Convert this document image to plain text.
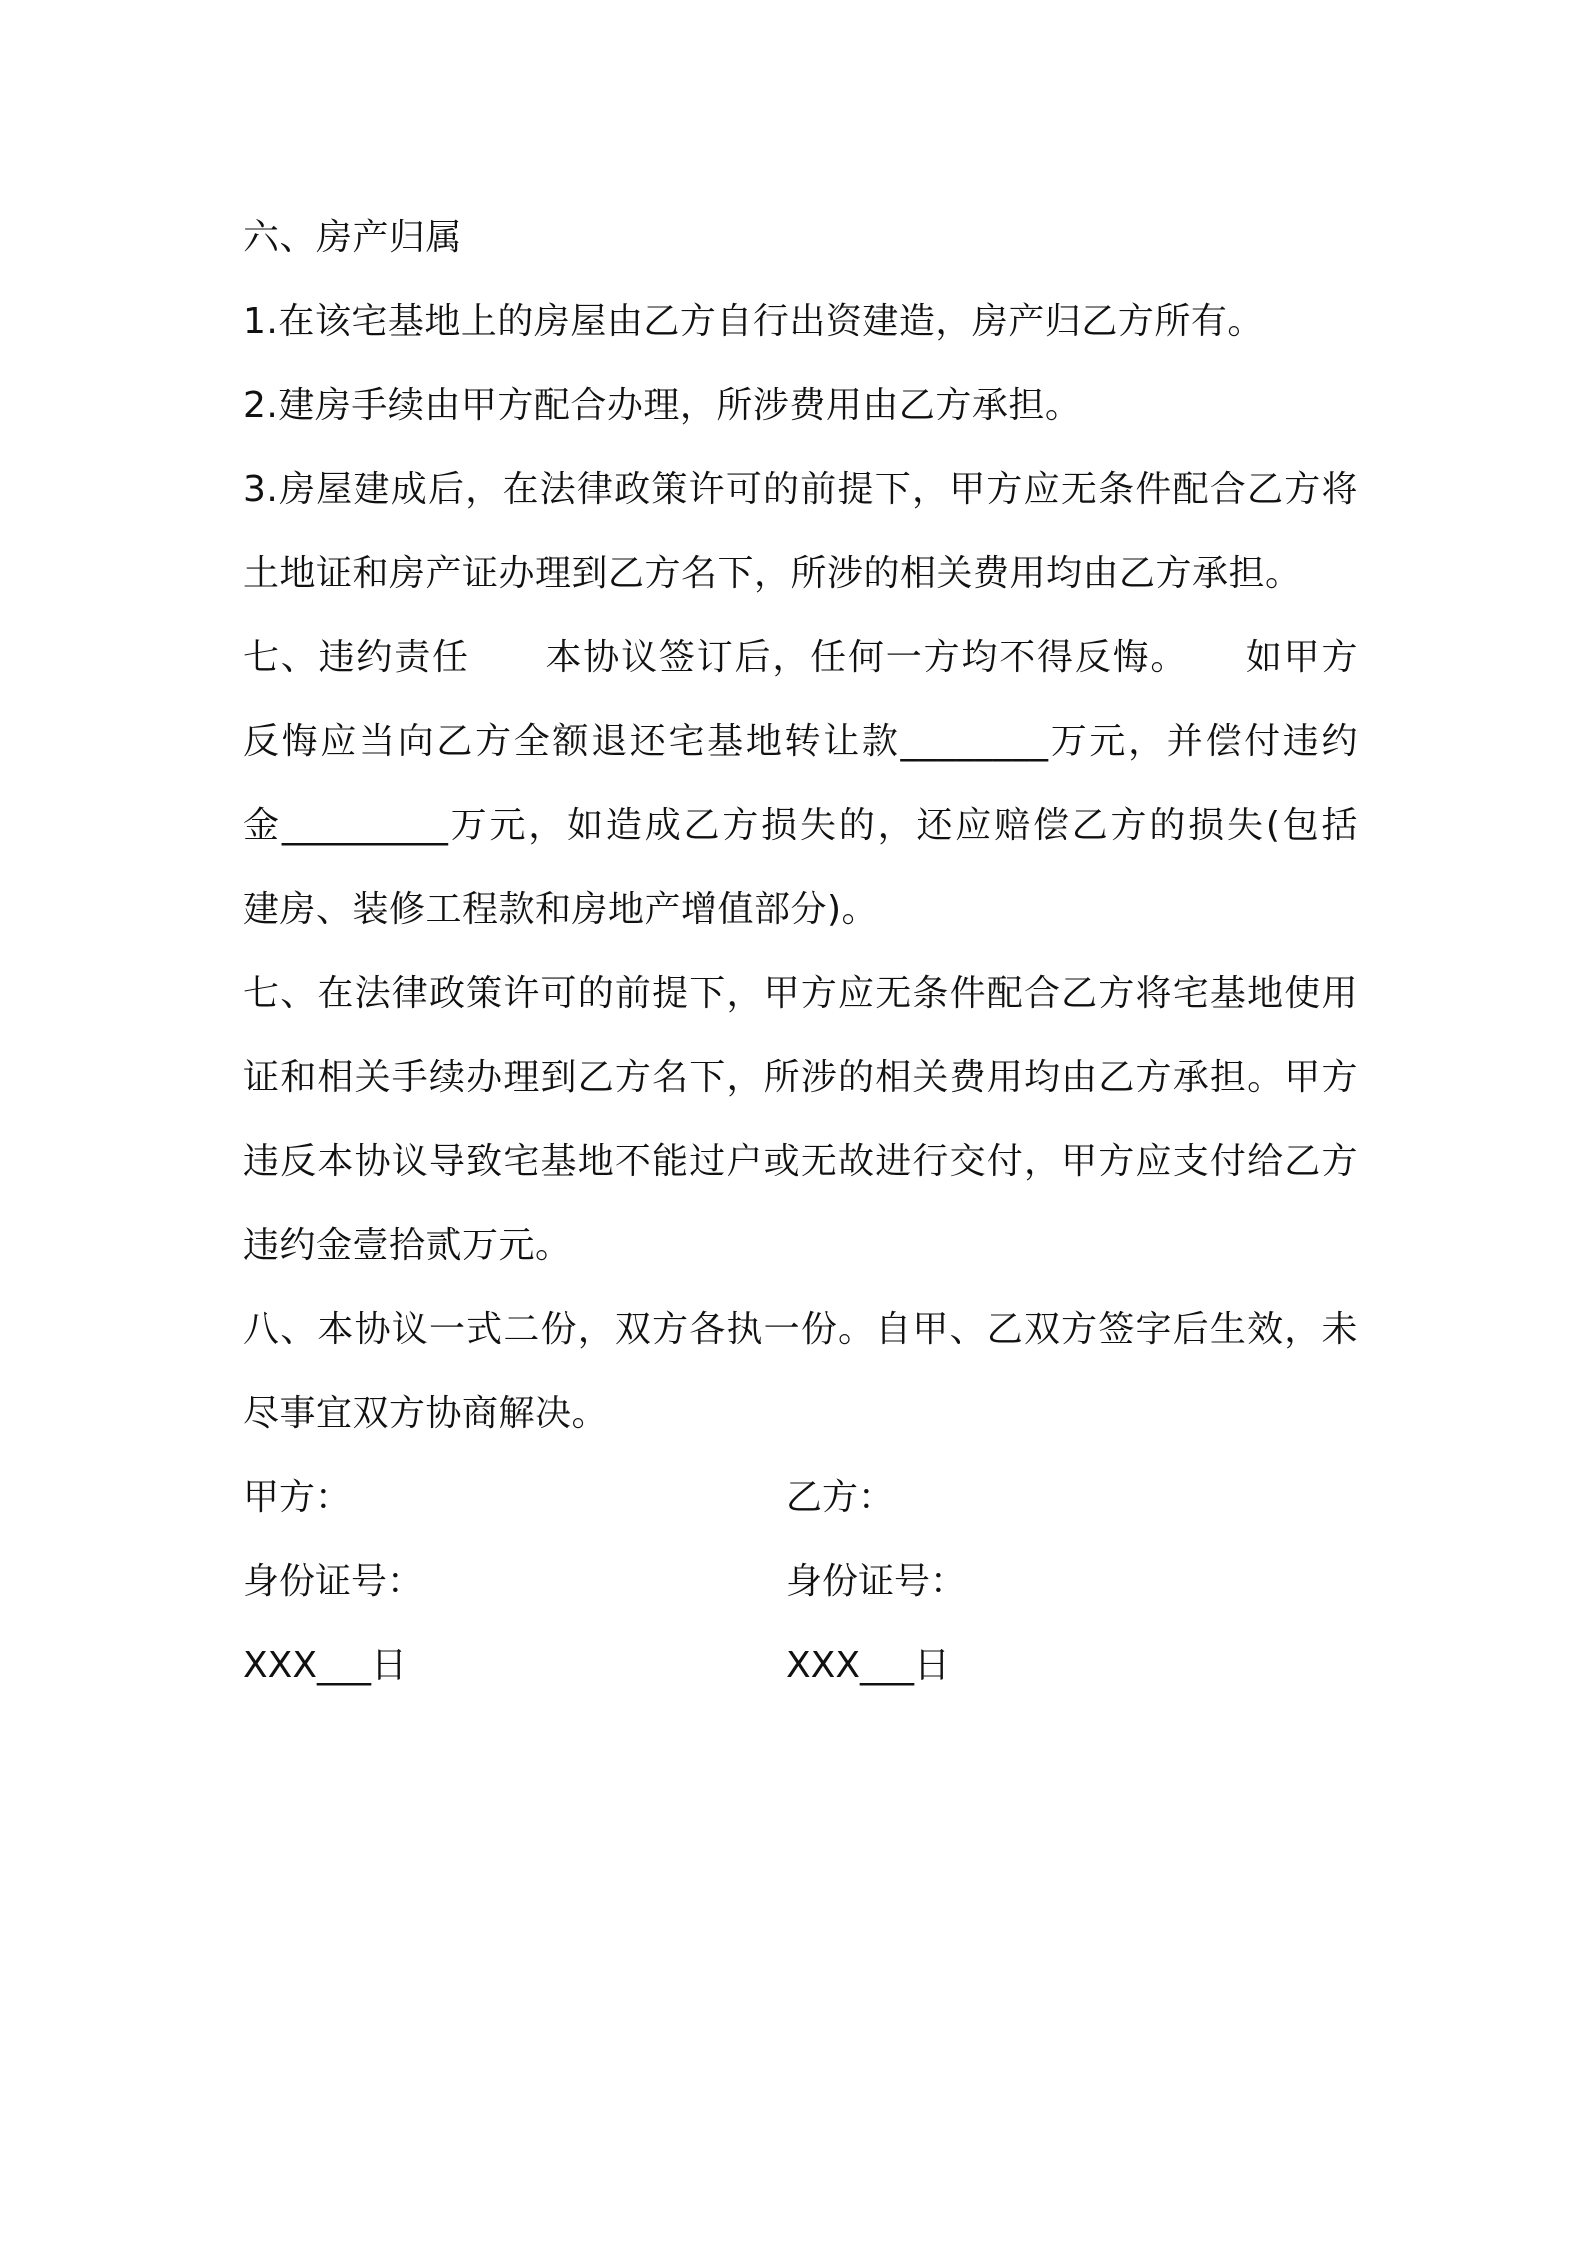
六、房产归属
1.在该宅基地上的房屋由乙方自行出资建造，房产归乙方所有。
2.建房手续由甲方配合办理，所涉费用由乙方承担。
3.房屋建成后，在法律政策许可的前提下，甲方应无条件配合乙方将
土地证和房产证办理到乙方名下，所涉的相关费用均由乙方承担。
七、违约责任　　本协议签订后，任何一方均不得反悔。　　如甲方
反悔应当向乙方全额退还宅基地转让款________万元，并偿付违约
金_________万元，如造成乙方损失的，还应赔偿乙方的损失(包括
建房、装修工程款和房地产增值部分)。
七、在法律政策许可的前提下，甲方应无条件配合乙方将宅基地使用
证和相关手续办理到乙方名下，所涉的相关费用均由乙方承担。甲方
违反本协议导致宅基地不能过户或无故进行交付，甲方应支付给乙方
违约金壹拾贰万元。
八、本协议一式二份，双方各执一份。自甲、乙双方签字后生效，未
尽事宜双方协商解决。
甲方：	乙方：
身份证号：	身份证号：
XXX___日	XXX___日
